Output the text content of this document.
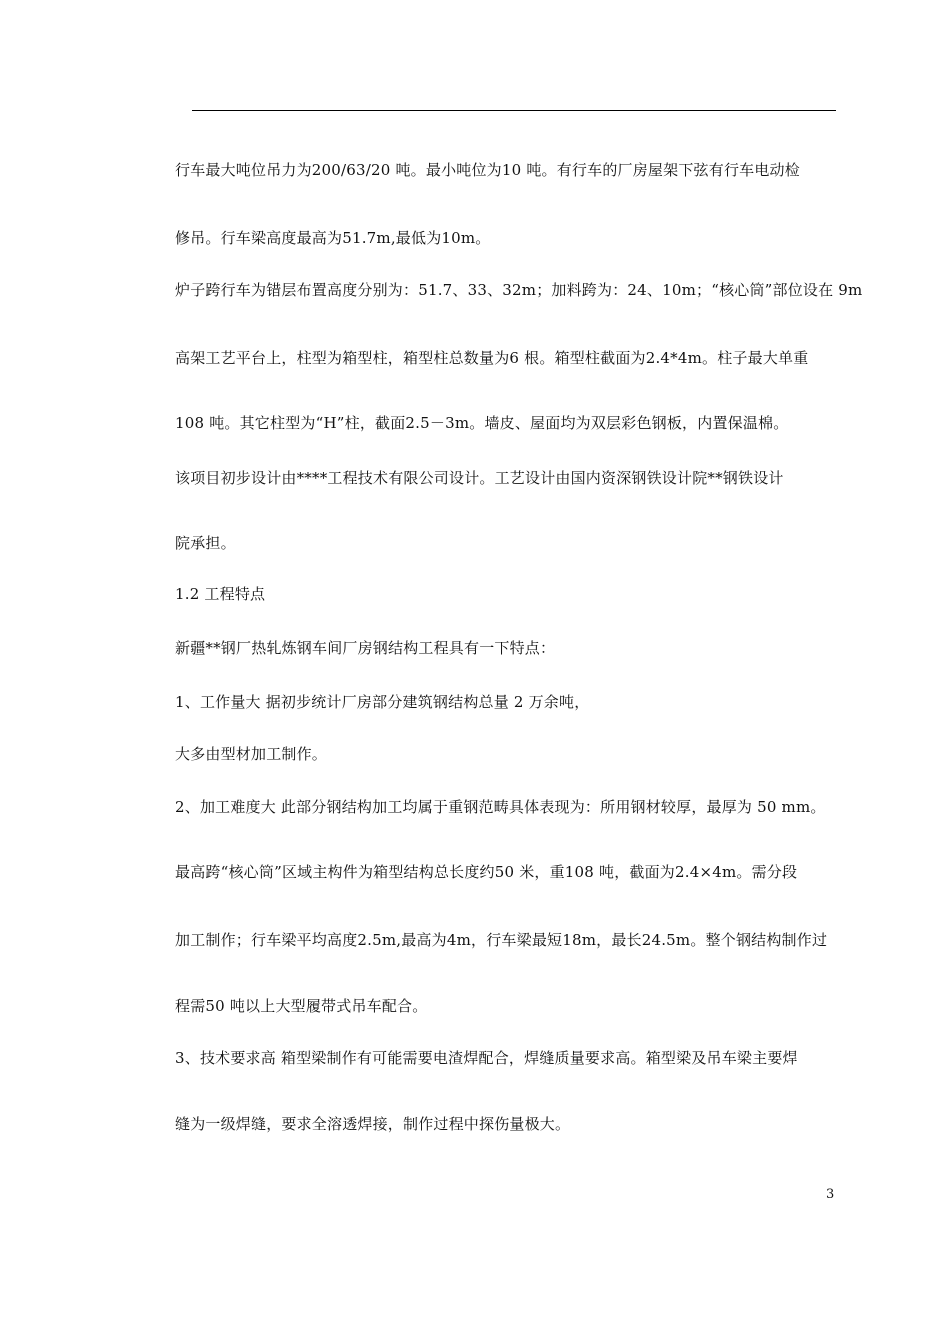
行车最大吨位吊力为200/63/20 吨。最小吨位为10 吨。有行车的厂房屋架下弦有行车电动检
修吊。行车梁高度最高为51.7m,最低为10m。
炉子跨行车为错层布置高度分别为：51.7、33、32m；加料跨为：24、10m；“核心筒”部位设在 9m
高架工艺平台上，柱型为箱型柱，箱型柱总数量为6 根。箱型柱截面为2.4*4m。柱子最大单重
108 吨。其它柱型为“H”柱，截面2.5－3m。墙皮、屋面均为双层彩色钢板，内置保温棉。
该项目初步设计由****工程技术有限公司设计。工艺设计由国内资深钢铁设计院**钢铁设计
院承担。
1.2 工程特点
新疆**钢厂热轧炼钢车间厂房钢结构工程具有一下特点：
1、工作量大 据初步统计厂房部分建筑钢结构总量 2 万余吨，
大多由型材加工制作。
2、加工难度大 此部分钢结构加工均属于重钢范畴具体表现为：所用钢材较厚，最厚为 50 mm。
最高跨“核心筒”区域主构件为箱型结构总长度约50 米，重108 吨，截面为2.4×4m。需分段
加工制作；行车梁平均高度2.5m,最高为4m，行车梁最短18m，最长24.5m。整个钢结构制作过
程需50 吨以上大型履带式吊车配合。
3、技术要求高 箱型梁制作有可能需要电渣焊配合，焊缝质量要求高。箱型梁及吊车梁主要焊
缝为一级焊缝，要求全溶透焊接，制作过程中探伤量极大。
3
